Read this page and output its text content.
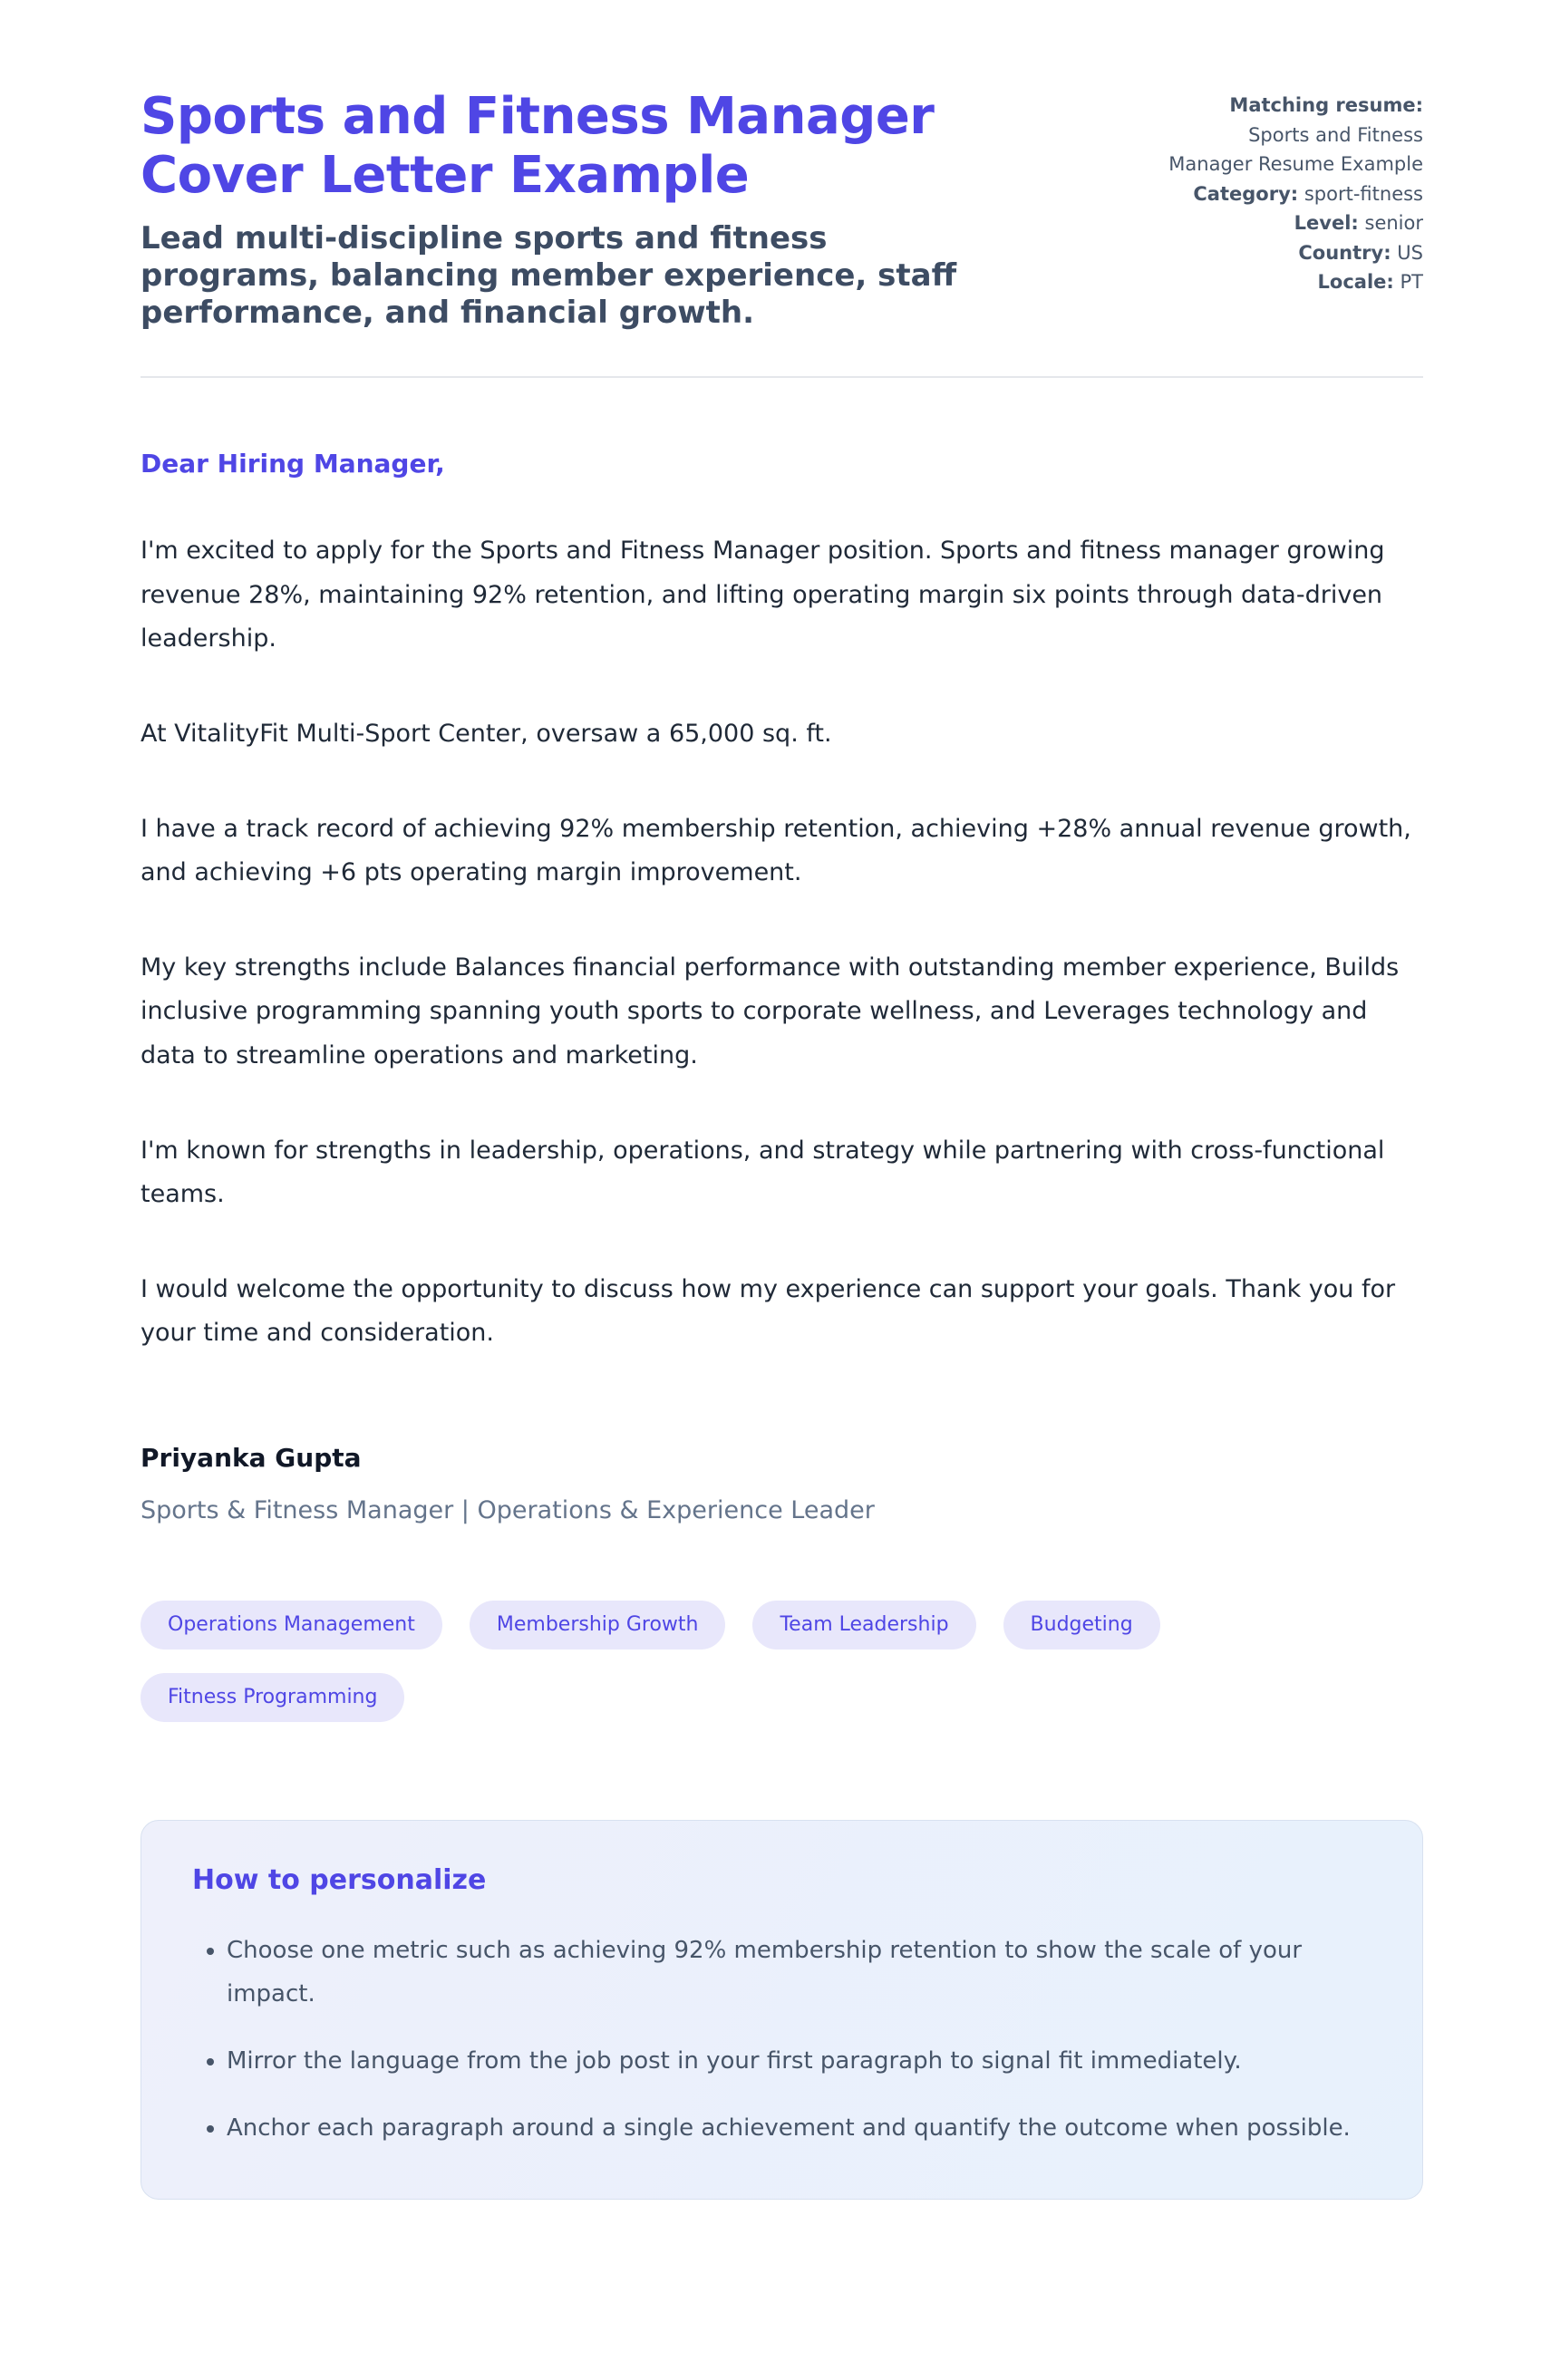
Sports and Fitness Manager Cover Letter Example

Lead multi-discipline sports and fitness programs, balancing member experience, staff performance, and financial growth.

Matching resume:
Sports and Fitness Manager Resume Example
Category: sport-fitness
Level: senior
Country: US
Locale: PT

Dear Hiring Manager,

I'm excited to apply for the Sports and Fitness Manager position. Sports and fitness manager growing revenue 28%, maintaining 92% retention, and lifting operating margin six points through data-driven leadership.

At VitalityFit Multi-Sport Center, oversaw a 65,000 sq. ft.

I have a track record of achieving 92% membership retention, achieving +28% annual revenue growth, and achieving +6 pts operating margin improvement.

My key strengths include Balances financial performance with outstanding member experience, Builds inclusive programming spanning youth sports to corporate wellness, and Leverages technology and data to streamline operations and marketing.

I'm known for strengths in leadership, operations, and strategy while partnering with cross-functional teams.

I would welcome the opportunity to discuss how my experience can support your goals. Thank you for your time and consideration.

Priyanka Gupta

Sports & Fitness Manager | Operations & Experience Leader

Operations Management	Membership Growth	Team Leadership	Budgeting
Fitness Programming
How to personalize
• Choose one metric such as achieving 92% membership retention to show the scale of your impact.
• Mirror the language from the job post in your first paragraph to signal fit immediately.
• Anchor each paragraph around a single achievement and quantify the outcome when possible.
